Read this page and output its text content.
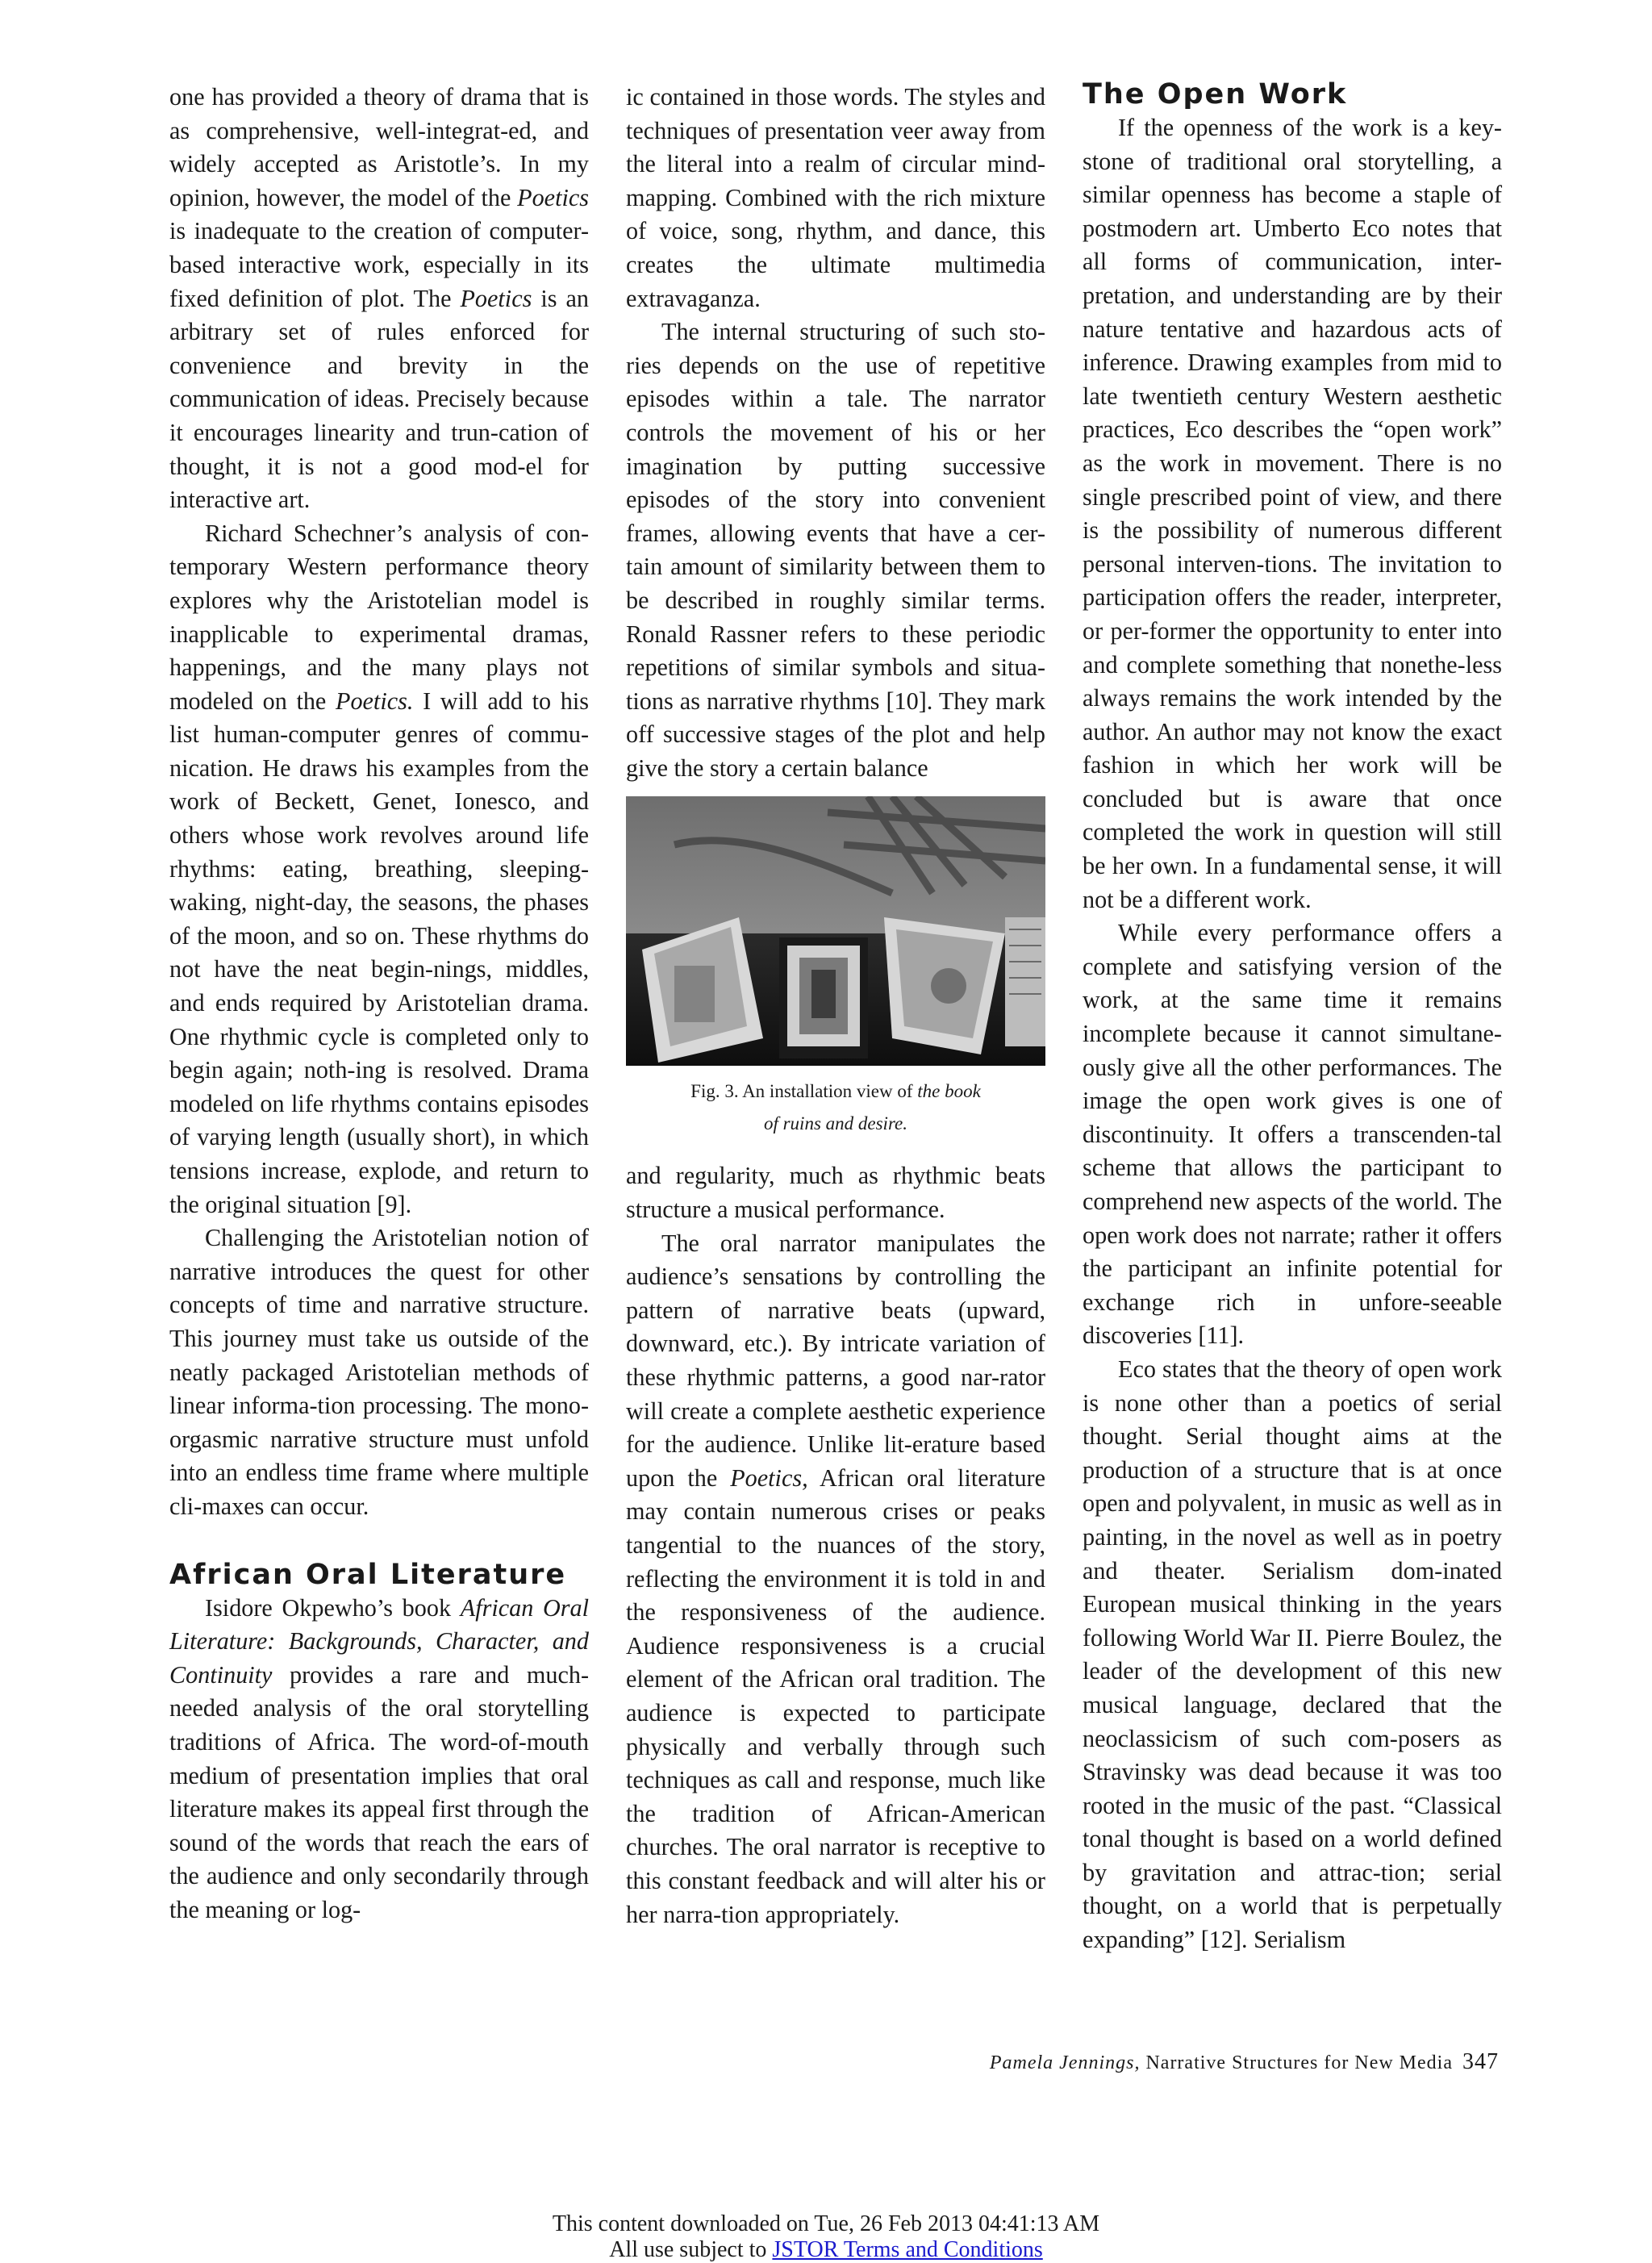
one has provided a theory of drama that is as comprehensive, well-integrat-ed, and widely accepted as Aristotle’s. In my opinion, however, the model of the Poetics is inadequate to the creation of computer-based interactive work, especially in its fixed definition of plot. The Poetics is an arbitrary set of rules enforced for convenience and brevity in the communication of ideas. Precisely because it encourages linearity and trun-cation of thought, it is not a good mod-el for interactive art.

Richard Schechner’s analysis of con-temporary Western performance theory explores why the Aristotelian model is inapplicable to experimental dramas, happenings, and the many plays not modeled on the Poetics. I will add to his list human-computer genres of commu-nication. He draws his examples from the work of Beckett, Genet, Ionesco, and others whose work revolves around life rhythms: eating, breathing, sleeping-waking, night-day, the seasons, the phases of the moon, and so on. These rhythms do not have the neat begin-nings, middles, and ends required by Aristotelian drama. One rhythmic cycle is completed only to begin again; noth-ing is resolved. Drama modeled on life rhythms contains episodes of varying length (usually short), in which tensions increase, explode, and return to the original situation [9].

Challenging the Aristotelian notion of narrative introduces the quest for other concepts of time and narrative structure. This journey must take us outside of the neatly packaged Aristotelian methods of linear informa-tion processing. The mono-orgasmic narrative structure must unfold into an endless time frame where multiple cli-maxes can occur.

African Oral Literature

Isidore Okpewho’s book African Oral Literature: Backgrounds, Character, and Continuity provides a rare and much-needed analysis of the oral storytelling traditions of Africa. The word-of-mouth medium of presentation implies that oral literature makes its appeal first through the sound of the words that reach the ears of the audience and only secondarily through the meaning or log-

ic contained in those words. The styles and techniques of presentation veer away from the literal into a realm of circular mind-mapping. Combined with the rich mixture of voice, song, rhythm, and dance, this creates the ultimate multimedia extravaganza.

The internal structuring of such sto-ries depends on the use of repetitive episodes within a tale. The narrator controls the movement of his or her imagination by putting successive episodes of the story into convenient frames, allowing events that have a cer-tain amount of similarity between them to be described in roughly similar terms. Ronald Rassner refers to these periodic repetitions of similar symbols and situa-tions as narrative rhythms [10]. They mark off successive stages of the plot and help give the story a certain balance

Fig. 3. An installation view of the book
of ruins and desire.

and regularity, much as rhythmic beats structure a musical performance.

The oral narrator manipulates the audience’s sensations by controlling the pattern of narrative beats (upward, downward, etc.). By intricate variation of these rhythmic patterns, a good nar-rator will create a complete aesthetic experience for the audience. Unlike lit-erature based upon the Poetics, African oral literature may contain numerous crises or peaks tangential to the nuances of the story, reflecting the environment it is told in and the responsiveness of the audience. Audience responsiveness is a crucial element of the African oral tradition. The audience is expected to participate physically and verbally through such techniques as call and response, much like the tradition of African-American churches. The oral narrator is receptive to this constant feedback and will alter his or her narra-tion appropriately.

The Open Work

If the openness of the work is a key-stone of traditional oral storytelling, a similar openness has become a staple of postmodern art. Umberto Eco notes that all forms of communication, inter-pretation, and understanding are by their nature tentative and hazardous acts of inference. Drawing examples from mid to late twentieth century Western aesthetic practices, Eco describes the “open work” as the work in movement. There is no single prescribed point of view, and there is the possibility of numerous different personal interven-tions. The invitation to participation offers the reader, interpreter, or per-former the opportunity to enter into and complete something that nonethe-less always remains the work intended by the author. An author may not know the exact fashion in which her work will be concluded but is aware that once completed the work in question will still be her own. In a fundamental sense, it will not be a different work.

While every performance offers a complete and satisfying version of the work, at the same time it remains incomplete because it cannot simultane-ously give all the other performances. The image the open work gives is one of discontinuity. It offers a transcenden-tal scheme that allows the participant to comprehend new aspects of the world. The open work does not narrate; rather it offers the participant an infinite potential for exchange rich in unfore-seeable discoveries [11].

Eco states that the theory of open work is none other than a poetics of serial thought. Serial thought aims at the production of a structure that is at once open and polyvalent, in music as well as in painting, in the novel as well as in poetry and theater. Serialism dom-inated European musical thinking in the years following World War II. Pierre Boulez, the leader of the development of this new musical language, declared that the neoclassicism of such com-posers as Stravinsky was dead because it was too rooted in the music of the past. “Classical tonal thought is based on a world defined by gravitation and attrac-tion; serial thought, on a world that is perpetually expanding” [12]. Serialism

Pamela Jennings, Narrative Structures for New Media 347
This content downloaded on Tue, 26 Feb 2013 04:41:13 AM
All use subject to JSTOR Terms and Conditions
